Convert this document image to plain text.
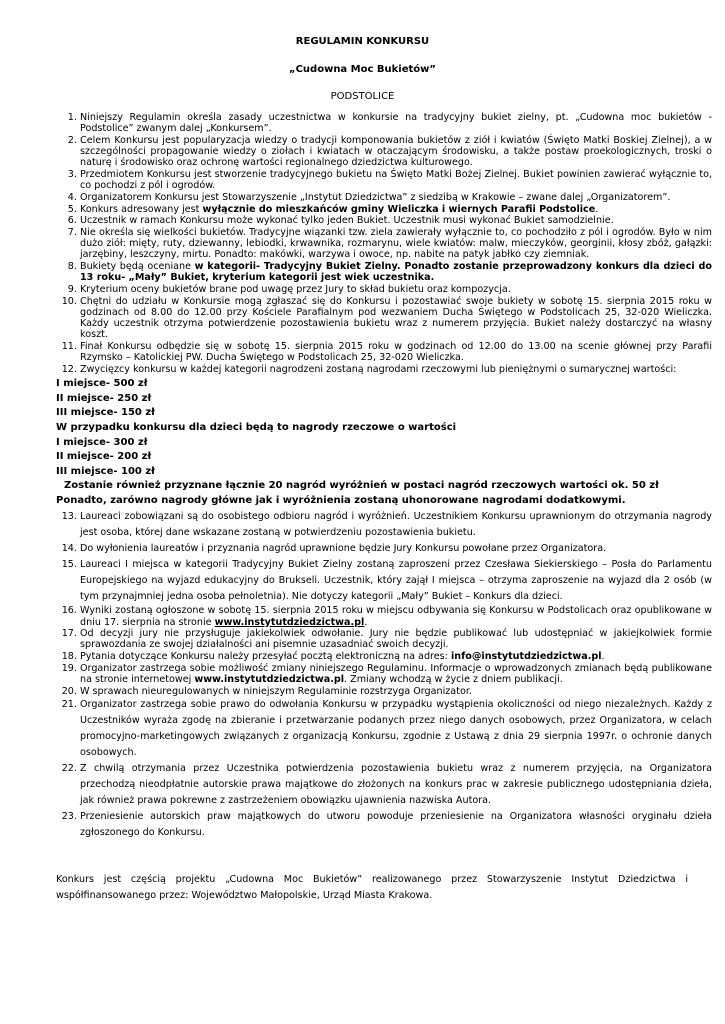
REGULAMIN KONKURSU
„Cudowna Moc Bukietów”
PODSTOLICE
1. Niniejszy Regulamin określa zasady uczestnictwa w konkursie na tradycyjny bukiet zielny, pt. „Cudowna moc bukietów - Podstolice” zwanym dalej „Konkursem”.
2. Celem Konkursu jest popularyzacja wiedzy o tradycji komponowania bukietów z ziół i kwiatów (Święto Matki Boskiej Zielnej), a w szczególności propagowanie wiedzy o ziołach i kwiatach w otaczającym środowisku, a także postaw proekologicznych, troski o naturę i środowisko oraz ochronę wartości regionalnego dziedzictwa kulturowego.
3. Przedmiotem Konkursu jest stworzenie tradycyjnego bukietu na Święto Matki Bożej Zielnej. Bukiet powinien zawierać wyłącznie to, co pochodzi z pól i ogrodów.
4. Organizatorem Konkursu jest Stowarzyszenie „Instytut Dziedzictwa” z siedzibą w Krakowie – zwane dalej „Organizatorem”.
5. Konkurs adresowany jest wyłącznie do mieszkańców gminy Wieliczka i wiernych Parafii Podstolice.
6. Uczestnik w ramach Konkursu może wykonać tylko jeden Bukiet. Uczestnik musi wykonać Bukiet samodzielnie.
7. Nie określa się wielkości bukietów. Tradycyjne wiązanki tzw. ziela zawierały wyłącznie to, co pochodziło z pól i ogrodów. Było w nim dużo ziół: mięty, ruty, dziewanny, lebiodki, krwawnika, rozmarynu, wiele kwiatów: malw, mieczyków, georginii, kłosy zbóż, gałązki: jarzębiny, leszczyny, mirtu. Ponadto: makówki, warzywa i owoce, np. nabite na patyk jabłko czy ziemniak.
8. Bukiety będą oceniane w kategorii- Tradycyjny Bukiet Zielny. Ponadto zostanie przeprowadzony konkurs dla dzieci do 13 roku- „Mały” Bukiet, kryterium kategorii jest wiek uczestnika.
9. Kryterium oceny bukietów brane pod uwagę przez Jury to skład bukietu oraz kompozycja.
10. Chętni do udziału w Konkursie mogą zgłaszać się do Konkursu i pozostawiać swoje bukiety w sobotę 15. sierpnia 2015 roku w godzinach od 8.00 do 12.00 przy Kościele Parafialnym pod wezwaniem Ducha Świętego w Podstolicach 25, 32-020 Wieliczka. Każdy uczestnik otrzyma potwierdzenie pozostawienia bukietu wraz z numerem przyjęcia. Bukiet należy dostarczyć na własny koszt.
11. Finał Konkursu odbędzie się w sobotę 15. sierpnia 2015 roku w godzinach od 12.00 do 13.00 na scenie głównej przy Parafii Rzymsko – Katolickiej PW. Ducha Świętego w Podstolicach 25, 32-020 Wieliczka.
12. Zwycięzcy konkursu w każdej kategorii nagrodzeni zostaną nagrodami rzeczowymi lub pieniężnymi o sumarycznej wartości:
I miejsce- 500 zł
II miejsce- 250 zł
III miejsce- 150 zł
W przypadku konkursu dla dzieci będą to nagrody rzeczowe o wartości
I miejsce- 300 zł
II miejsce- 200 zł
III miejsce- 100 zł
Zostanie również przyznane łącznie 20 nagród wyróżnień w postaci nagród rzeczowych wartości ok. 50 zł
Ponadto, zarówno nagrody główne jak i wyróżnienia zostaną uhonorowane nagrodami dodatkowymi.
13. Laureaci zobowiązani są do osobistego odbioru nagród i wyróżnień. Uczestnikiem Konkursu uprawnionym do otrzymania nagrody jest osoba, której dane wskazane zostaną w potwierdzeniu pozostawienia bukietu.
14. Do wyłonienia laureatów i przyznania nagród uprawnione będzie Jury Konkursu powołane przez Organizatora.
15. Laureaci I miejsca w kategorii Tradycyjny Bukiet Zielny zostaną zaproszeni przez Czesława Siekierskiego – Posła do Parlamentu Europejskiego na wyjazd edukacyjny do Brukseli. Uczestnik, który zajął I miejsca – otrzyma zaproszenie na wyjazd dla 2 osób (w tym przynajmniej jedna osoba pełnoletnia). Nie dotyczy kategorii „Mały” Bukiet – Konkurs dla dzieci.
16. Wyniki zostaną ogłoszone w sobotę 15. sierpnia 2015 roku w miejscu odbywania się Konkursu w Podstolicach oraz opublikowane w dniu 17. sierpnia na stronie www.instytutdziedzictwa.pl.
17. Od decyzji jury nie przysługuje jakiekolwiek odwołanie. Jury nie będzie publikować lub udostępniać w jakiejkolwiek formie sprawozdania ze swojej działalności ani pisemnie uzasadniać swoich decyzji.
18. Pytania dotyczące Konkursu należy przesyłać pocztą elektroniczną na adres: info@instytutdziedzictwa.pl.
19. Organizator zastrzega sobie możliwość zmiany niniejszego Regulaminu. Informacje o wprowadzonych zmianach będą publikowane na stronie internetowej www.instytutdziedzictwa.pl. Zmiany wchodzą w życie z dniem publikacji.
20. W sprawach nieuregulowanych w niniejszym Regulaminie rozstrzyga Organizator.
21. Organizator zastrzega sobie prawo do odwołania Konkursu w przypadku wystąpienia okoliczności od niego niezależnych. Każdy z Uczestników wyraża zgodę na zbieranie i przetwarzanie podanych przez niego danych osobowych, przez Organizatora, w celach promocyjno-marketingowych związanych z organizacją Konkursu, zgodnie z Ustawą z dnia 29 sierpnia 1997r. o ochronie danych osobowych.
22. Z chwilą otrzymania przez Uczestnika potwierdzenia pozostawienia bukietu wraz z numerem przyjęcia, na Organizatora przechodzą nieodpłatnie autorskie prawa majątkowe do złożonych na konkurs prac w zakresie publicznego udostępniania dzieła, jak również prawa pokrewne z zastrzeżeniem obowiązku ujawnienia nazwiska Autora.
23. Przeniesienie autorskich praw majątkowych do utworu powoduje przeniesienie na Organizatora własności oryginału dzieła zgłoszonego do Konkursu.

Konkurs jest częścią projektu „Cudowna Moc Bukietów” realizowanego przez Stowarzyszenie Instytut Dziedzictwa i współfinansowanego przez: Województwo Małopolskie, Urząd Miasta Krakowa.
